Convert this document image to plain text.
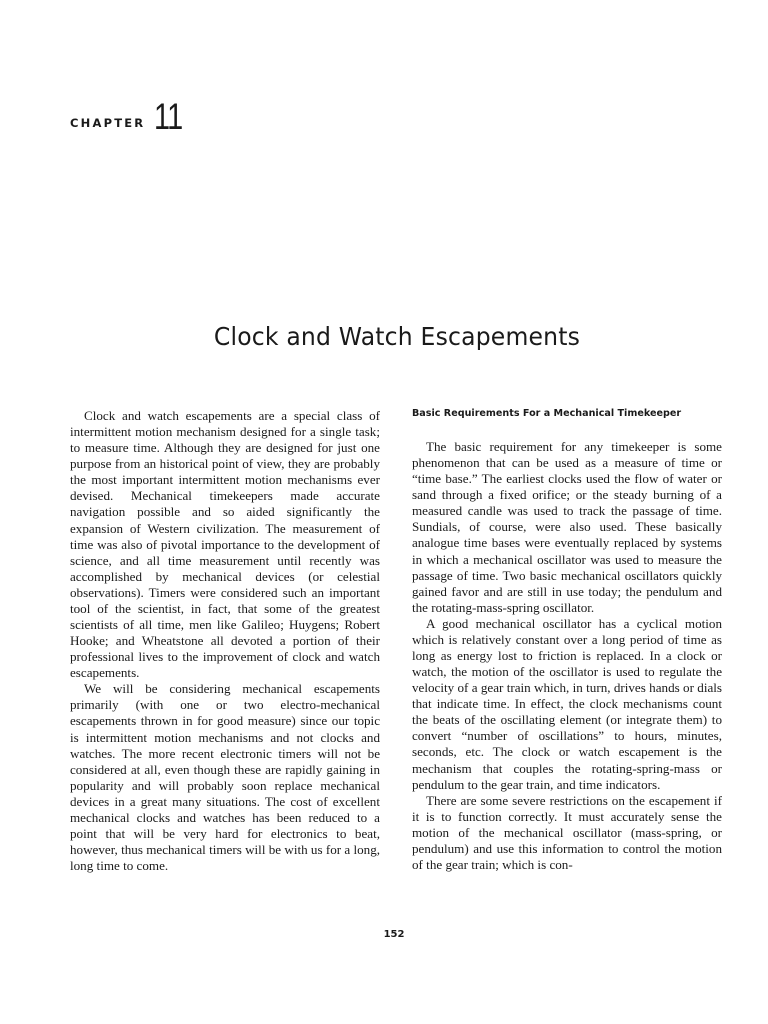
CHAPTER 11
Clock and Watch Escapements

Clock and watch escapements are a special class of intermittent motion mechanism designed for a single task; to measure time. Although they are designed for just one purpose from an historical point of view, they are probably the most important intermittent motion mechanisms ever devised. Mechanical timekeepers made accurate navigation possible and so aided significantly the expansion of Western civilization. The measurement of time was also of pivotal importance to the development of science, and all time measurement until recently was accomplished by mechanical devices (or celestial observations). Timers were considered such an important tool of the scientist, in fact, that some of the greatest scientists of all time, men like Galileo; Huygens; Robert Hooke; and Wheatstone all devoted a portion of their professional lives to the improvement of clock and watch escapements.

We will be considering mechanical escapements primarily (with one or two electro-mechanical escapements thrown in for good measure) since our topic is intermittent motion mechanisms and not clocks and watches. The more recent electronic timers will not be considered at all, even though these are rapidly gaining in popularity and will probably soon replace mechanical devices in a great many situations. The cost of excellent mechanical clocks and watches has been reduced to a point that will be very hard for electronics to beat, however, thus mechanical timers will be with us for a long, long time to come.

Basic Requirements For a Mechanical Timekeeper

The basic requirement for any timekeeper is some phenomenon that can be used as a measure of time or “time base.” The earliest clocks used the flow of water or sand through a fixed orifice; or the steady burning of a measured candle was used to track the passage of time. Sundials, of course, were also used. These basically analogue time bases were eventually replaced by systems in which a mechanical oscillator was used to measure the passage of time. Two basic mechanical oscillators quickly gained favor and are still in use today; the pendulum and the rotating-mass-spring oscillator.

A good mechanical oscillator has a cyclical motion which is relatively constant over a long period of time as long as energy lost to friction is replaced. In a clock or watch, the motion of the oscillator is used to regulate the velocity of a gear train which, in turn, drives hands or dials that indicate time. In effect, the clock mechanisms count the beats of the oscillating element (or integrate them) to convert “number of oscillations” to hours, minutes, seconds, etc. The clock or watch escapement is the mechanism that couples the rotating-spring-mass or pendulum to the gear train, and time indicators.

There are some severe restrictions on the escapement if it is to function correctly. It must accurately sense the motion of the mechanical oscillator (mass-spring, or pendulum) and use this information to control the motion of the gear train; which is con-

152
